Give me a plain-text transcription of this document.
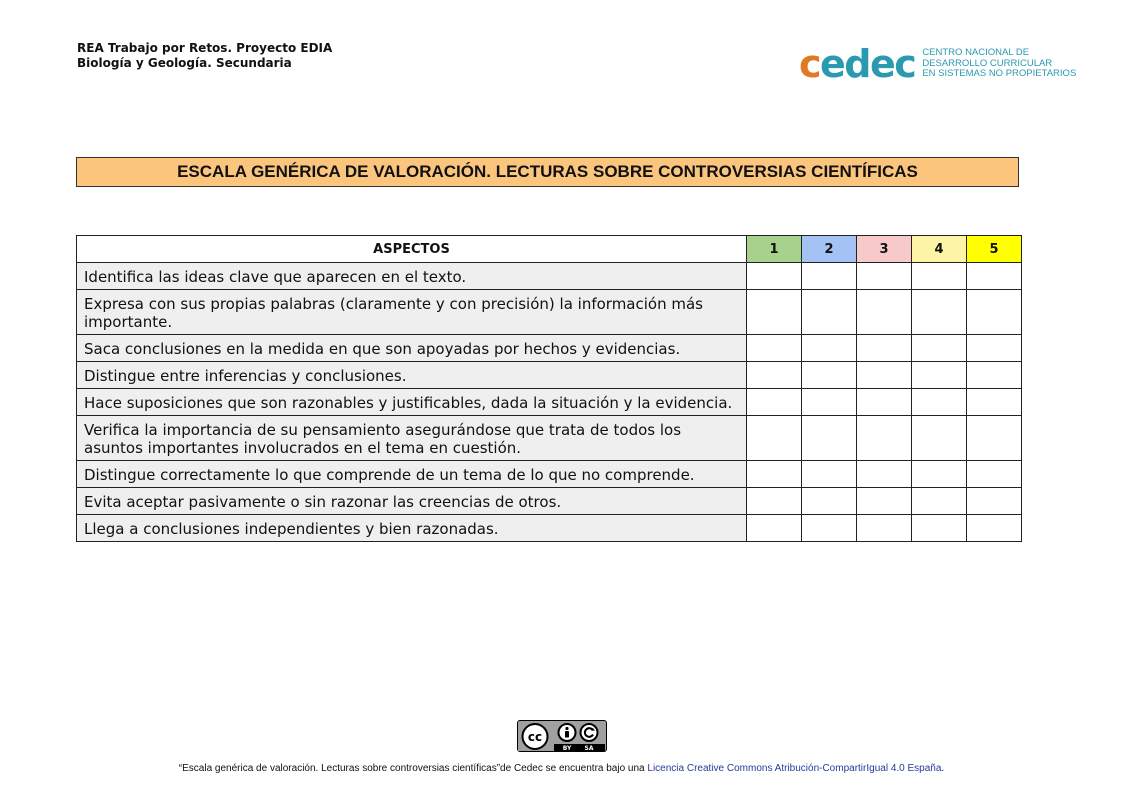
REA Trabajo por Retos. Proyecto EDIA
Biología y Geología. Secundaria	cedec CENTRO NACIONAL DE
DESARROLLO CURRICULAR
EN SISTEMAS NO PROPIETARIOS
ESCALA GENÉRICA DE VALORACIÓN. LECTURAS SOBRE CONTROVERSIAS CIENTÍFICAS
ASPECTOS	1	2	3	4	5
Identifica las ideas clave que aparecen en el texto.					
Expresa con sus propias palabras (claramente y con precisión) la información más importante.					
Saca conclusiones en la medida en que son apoyadas por hechos y evidencias.					
Distingue entre inferencias y conclusiones.					
Hace suposiciones que son razonables y justificables, dada la situación y la evidencia.					
Verifica la importancia de su pensamiento asegurándose que trata de todos los asuntos importantes involucrados en el tema en cuestión.					
Distingue correctamente lo que comprende de un tema de lo que no comprende.					
Evita aceptar pasivamente o sin razonar las creencias de otros.					
Llega a conclusiones independientes y bien razonadas.					
cc
BY SA
“Escala genérica de valoración. Lecturas sobre controversias científicas”de Cedec se encuentra bajo una Licencia Creative Commons Atribución-CompartirIgual 4.0 España.
